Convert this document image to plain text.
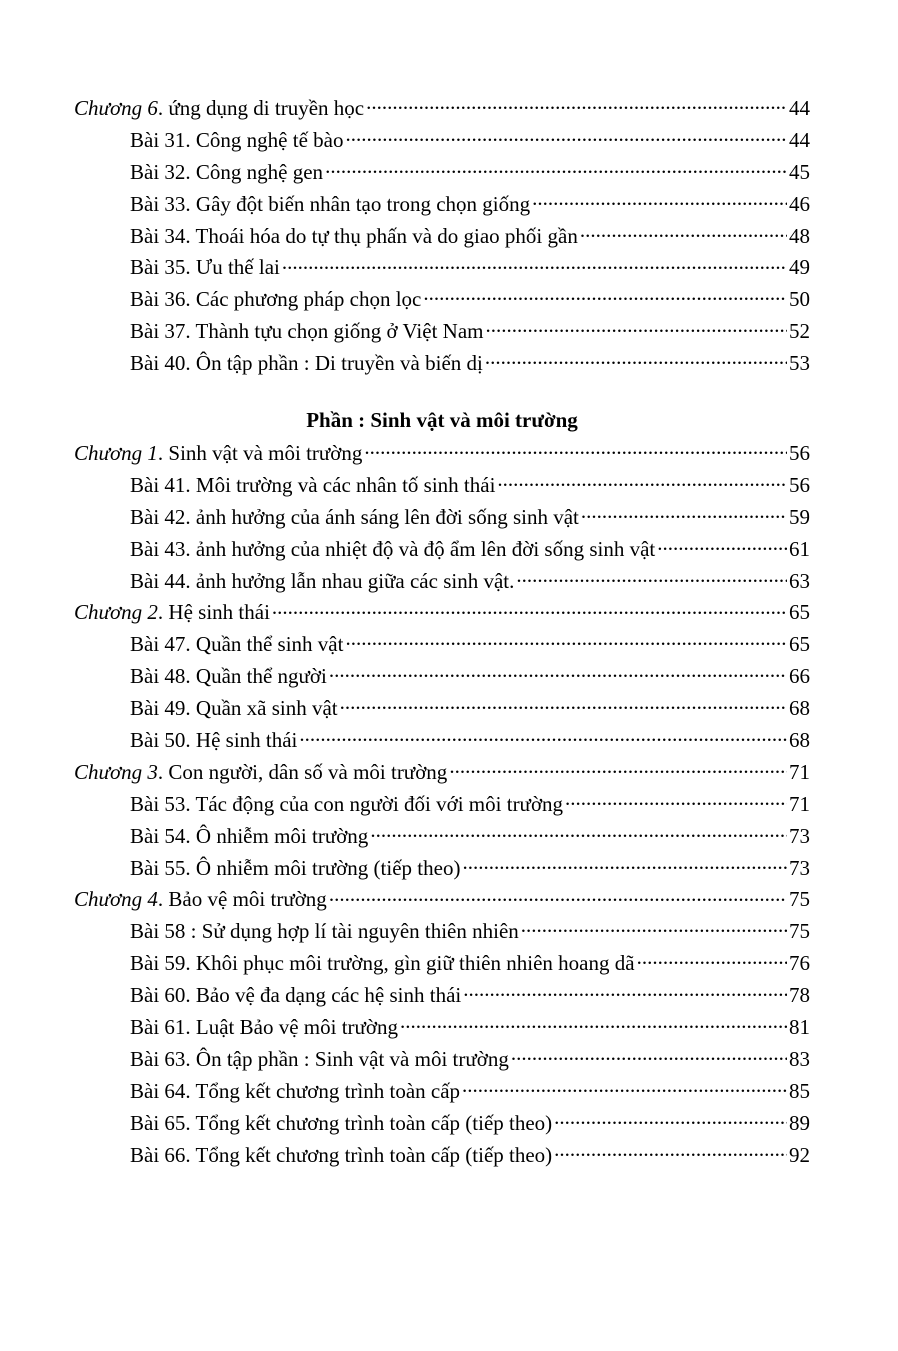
Chương 6. ứng dụng di truyền học .....	44
Bài 31. Công nghệ tế bào .....	44
Bài 32. Công nghệ gen .....	45
Bài 33. Gây đột biến nhân tạo trong chọn giống .....	46
Bài 34. Thoái hóa do tự thụ phấn và do giao phối gần .....	48
Bài 35. Ưu thế lai .....	49
Bài 36. Các phương pháp chọn lọc .....	50
Bài 37. Thành tựu chọn giống ở Việt Nam .....	52
Bài 40. Ôn tập phần : Di truyền và biến dị .....	53
Phần : Sinh vật và môi trường
Chương 1. Sinh vật và môi trường .....	56
Bài 41. Môi trường và các nhân tố sinh thái .....	56
Bài 42. ảnh hưởng của ánh sáng lên đời sống sinh vật .....	59
Bài 43. ảnh hưởng của nhiệt độ và độ ẩm lên đời sống sinh vật .....	61
Bài 44. ảnh hưởng lẫn nhau giữa các sinh vật. .....	63
Chương 2. Hệ sinh thái .....	65
Bài 47. Quần thể sinh vật .....	65
Bài 48. Quần thể người .....	66
Bài 49. Quần xã sinh vật .....	68
Bài 50. Hệ sinh thái .....	68
Chương 3. Con người, dân số và môi trường .....	71
Bài 53. Tác động của con người đối với môi trường .....	71
Bài 54. Ô nhiễm môi trường .....	73
Bài 55. Ô nhiễm môi trường (tiếp theo) .....	73
Chương 4. Bảo vệ môi trường .....	75
Bài 58 : Sử dụng hợp lí tài nguyên thiên nhiên .....	75
Bài 59. Khôi phục môi trường, gìn giữ thiên nhiên hoang dã .....	76
Bài 60. Bảo vệ đa dạng các hệ sinh thái .....	78
Bài 61. Luật Bảo vệ môi trường .....	81
Bài 63. Ôn tập phần : Sinh vật và môi trường .....	83
Bài 64. Tổng kết chương trình toàn cấp .....	85
Bài 65. Tổng kết chương trình toàn cấp (tiếp theo) .....	89
Bài 66. Tổng kết chương trình toàn cấp (tiếp theo) .....	92
